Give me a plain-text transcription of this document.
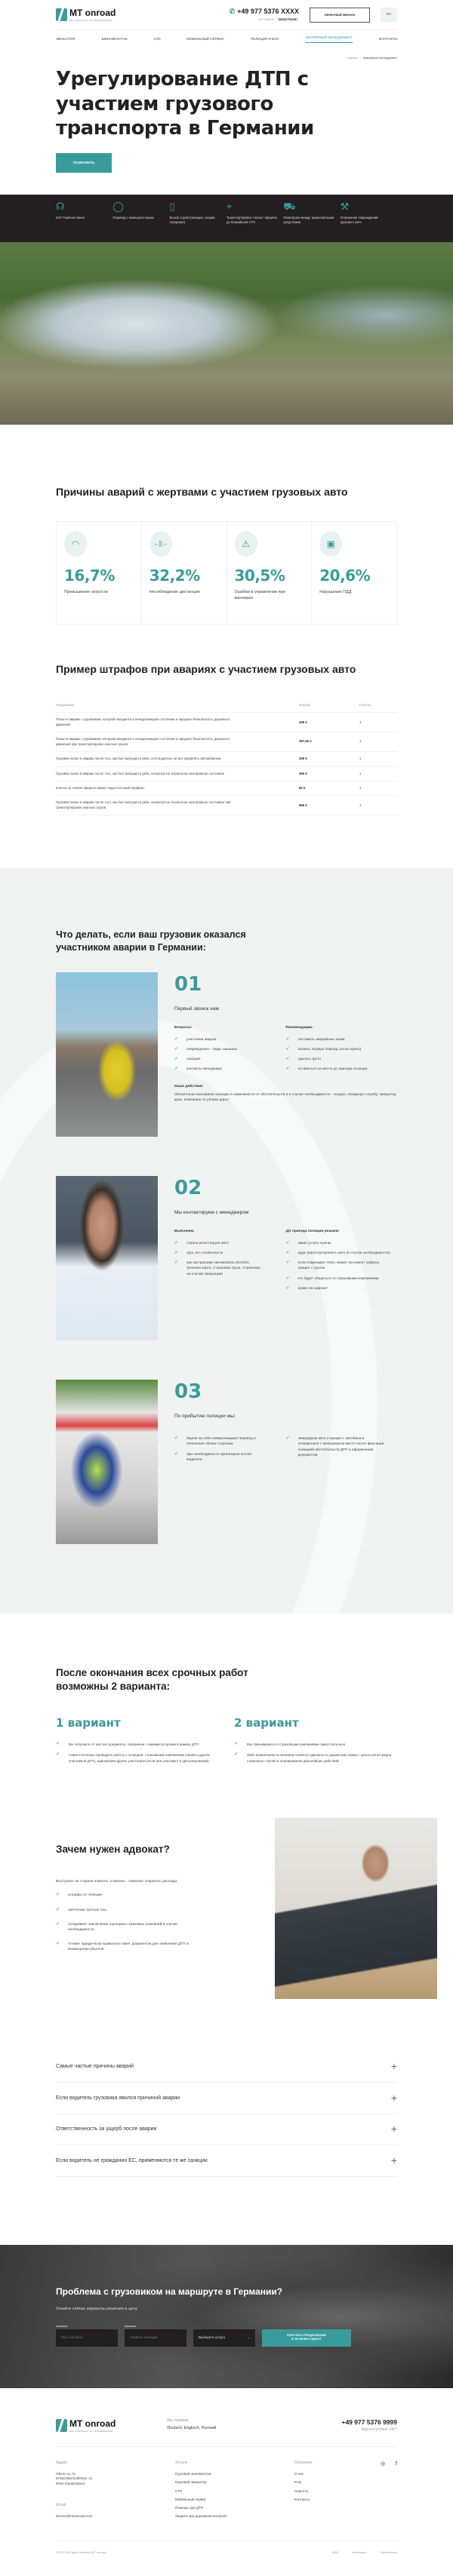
MT onroad
GOT YOUR BACK, MY TRUCKERFRIEND
✆ +49 977 5376 XXXX
24/7 Hotline SHOW PHONE
ОБРАТНЫЙ ЗВОНОК	RU
ЭВАКУАТОР	ШИНОМОНТАЖ	СТО	МОБИЛЬНЫЙ СЕРВИС	ПОЛИЦИЯ И BAG	АВАРИЙНЫЙ МЕНЕДЖМЕНТ	КОНТАКТЫ
Главная > Аварийный менеджмент
Урегулирование ДТП с участием грузового транспорта в Германии
ПОЗВОНИТЬ
☊
24/7 Горячая линия
◯
Перевод с немецкого языка
▯
Вызов служб (полиция, скорая, пожарная)
⌖
Транспортировка тягача / прицепа до ближайшей СТО
⛟
Перегрузка между транспортными средствами
⚒
Устранение повреждений грузового авто
Причины аварий с жертвами с участием грузовых авто
◠
16,7%
Превышение скорости
→][←
32,2%
Несоблюдение дистанции
⚠
30,5%
Ошибки в управлении при маневрах
▣
20,6%
Нарушение ПДД
Пример штрафов при авариях с участием грузовых авто
Нарушение	Штраф	Пункты
Попал в аварию с грузовиком, который находился в ненадлежащем состоянии и нарушал безопасность дорожного движения	265 €	1
Попал в аварию с грузовиком, который находился в ненадлежащем состоянии и нарушал безопасность дорожного движения при транспортировке опасных грузов	397,50 €	1
Грузовик попал в аварию после того, как был выпущен в рейс, хотя водитель не мог управлять автомобилем	265 €	1
Грузовик попал в аварию после того, как был выпущен в рейс, несмотря на технически неисправное состояние	390 €	1
Колеса на тягаче/ прицепе имеют недостаточный профиль	60 €	1
Грузовик попал в аварию после того, как был выпущен в рейс, несмотря на технически неисправное состояние при транспортировке опасных грузов	585 €	1
Что делать, если ваш грузовик оказался участником аварии в Германии:
01
Первый звонок нам
Вопросы:
✔ участники аварии
✔ повреждения - люди, машины
✔ локация
✔ контакты менеджера
Рекомендации:
✔ поставить аварийные знаки
✔ оказать первую помощь (если нужно)
✔ сделать фото
✔ оставаться на месте до приезда полиции
Наши действия:

обязательно вызываем полицию в зависимости от обстоятельств и в случае необходимости - скорую, пожарную службу, эвакуатор, кран, компанию по уборке дорог.

02
Мы контактируем с менеджером
Выясняем:
✔ страна регистрации авто
✔ груз, его особенности
✔ как застрахован автомобиль (КАСКО, Зеленая карта, Страховка груза, Страховка на случай эвакуации)
ДО приезда полиции решаем:
✔ какие услуги нужны
✔ куда транспортировать авто (в случае необходимости)
✔ если поврежден тягач, может ли клиент забрать прицеп с грузом
✔ кто будет общаться со страховыми компаниями
✔ нужен ли адвокат
03
По прибытию полиции мы:
✔ берем на себя коммуникацию/ перевод и пояснения обоим сторонам
✔ при необходимости организуем ночлег водителя
✔ эвакуируем авто и прицеп с автобана в оговоренное с менеджером место после фиксации полицией обстоятельств ДТП и оформления документов
После окончания всех срочных работ возможны 2 варианта:
1 вариант
✔	Вы получаете от нас все документы, связанные с нашими услугами в рамках ДТП
✔	Самостоятельно проводите работу с полицией, страховыми компаниями (своей и других участников ДТП), адвокатами других участников (если они участвуют в урегулировании).
2 вариант
✔	Мы связываемся со страховыми компаниями самостоятельно
✔	Либо привлекаем по желанию клиента Адвоката по дорожному праву с целью регистрации страхового случая и планирования дальнейших действий.
Зачем нужен адвокат?

Выступает на стороне клиента, а именно - помогает сократить расходы:

✔ штрафы от полиции
✔ претензии третьих лиц
✔ оспаривает заключение оценщика страховых компаний в случае необходимости
✔ готовит юридически правильно пакет документов для заявления ДТП и возмещении убытков.
Самые частые причины аварий	+
Если водитель грузовика явился причиной аварии	+
Ответственность за ущерб после аварии	+
Если водитель не гражданин ЕС, применяются те же санкции	+
Проблема с грузовиком на маршруте в Германии?
Узнайте сейчас варианты решения и цену
ТЕЛЕФОН
Ваш телефон
ЛОКАЦИЯ
Укажите локацию	Выберите услугу	⌄
ПОЛУЧИТЬ ПРЕДЛОЖЕНИЕ
В ТЕЧЕНИЕ 5 МИНУТ
MT onroad
GOT YOUR BACK, MY TRUCKERFRIEND
Мы говорим:
Deutsch, Englisch, Русский
+49 977 5376 9999
Круглосуточно 24/7
Адрес
Obere Au 7a
97653 Bischofsheim i.d.
Rhön Deutschland
Email
service@mtonroad.com
Услуги
Грузовой шиномонтаж
Грузовой эвакуатор
СТО
Мобильный сервис
Помощь при ДТП
Защита при дорожном контроле
Полезное
О нас
FAQ
Новости
Контакты
◎ f
© 2022 All rights reserved MT onroad	AGB	Impressum	Datenschutz
